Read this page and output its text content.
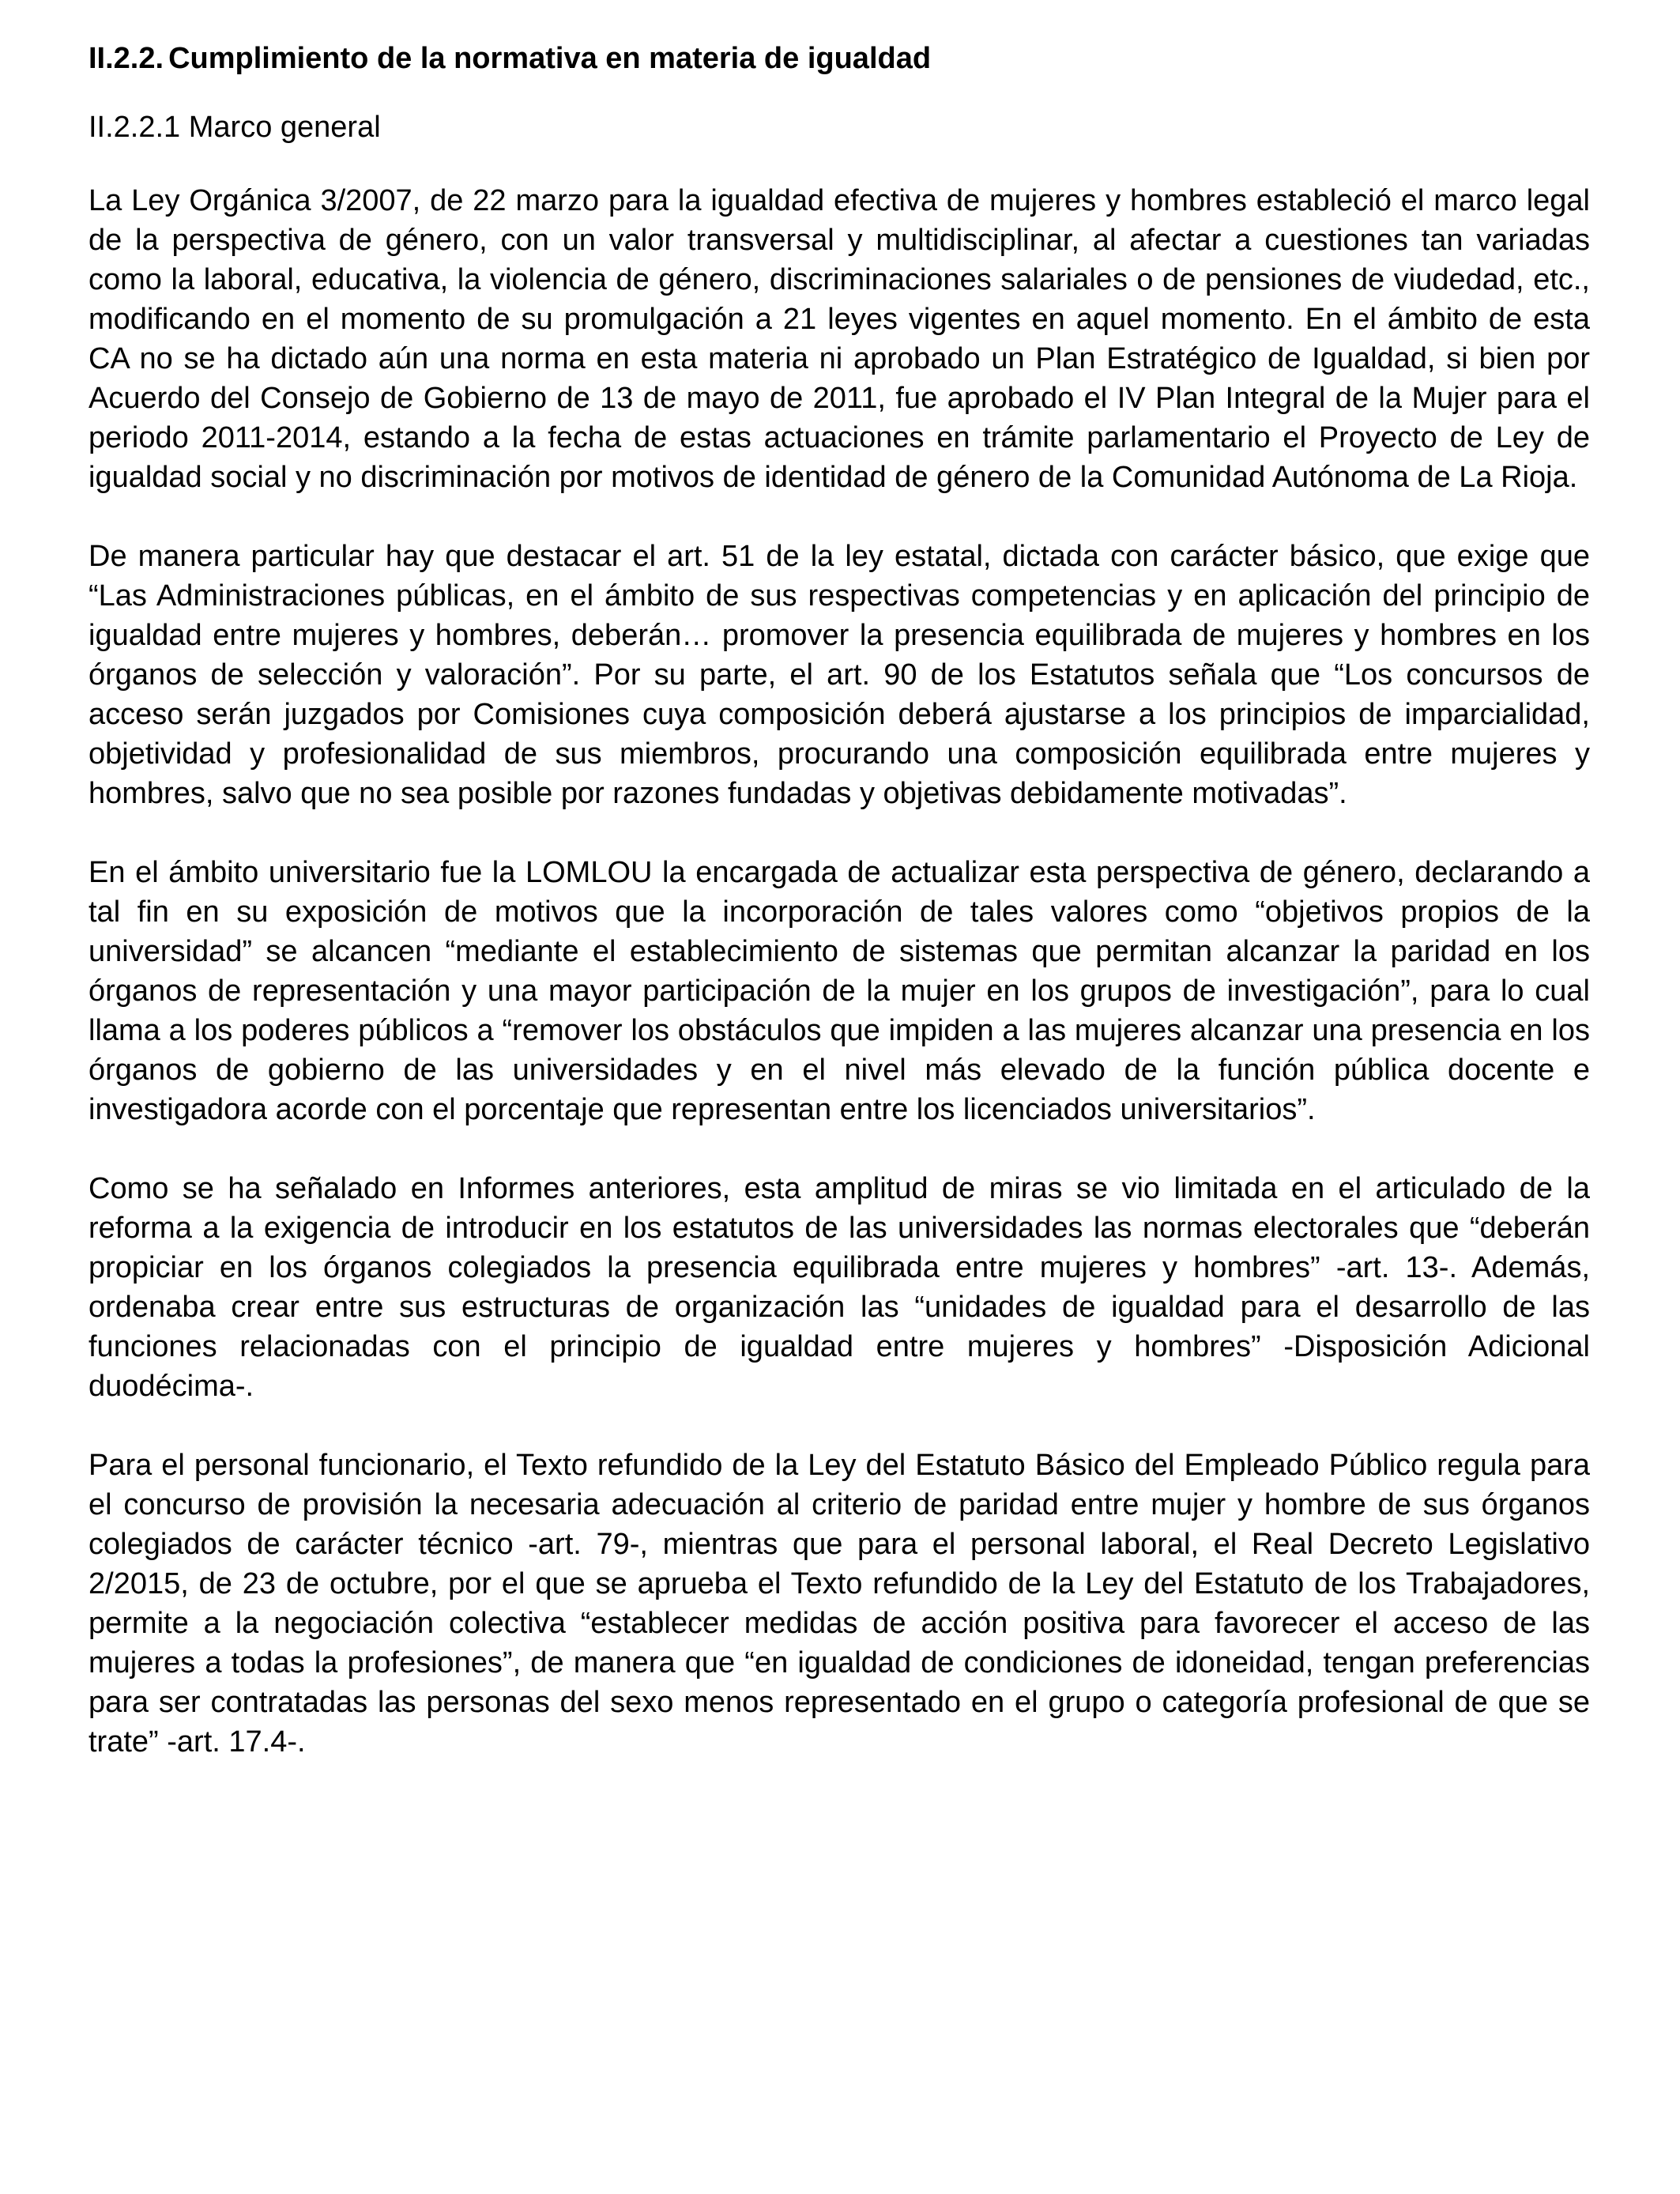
II.2.2. Cumplimiento de la normativa en materia de igualdad
II.2.2.1 Marco general

La Ley Orgánica 3/2007, de 22 marzo para la igualdad efectiva de mujeres y hombres estableció el marco legal de la perspectiva de género, con un valor transversal y multidisciplinar, al afectar a cuestiones tan variadas como la laboral, educativa, la violencia de género, discriminaciones salariales o de pensiones de viudedad, etc., modificando en el momento de su promulgación a 21 leyes vigentes en aquel momento. En el ámbito de esta CA no se ha dictado aún una norma en esta materia ni aprobado un Plan Estratégico de Igualdad, si bien por Acuerdo del Consejo de Gobierno de 13 de mayo de 2011, fue aprobado el IV Plan Integral de la Mujer para el periodo 2011-2014, estando a la fecha de estas actuaciones en trámite parlamentario el Proyecto de Ley de igualdad social y no discriminación por motivos de identidad de género de la Comunidad Autónoma de La Rioja.

De manera particular hay que destacar el art. 51 de la ley estatal, dictada con carácter básico, que exige que “Las Administraciones públicas, en el ámbito de sus respectivas competencias y en aplicación del principio de igualdad entre mujeres y hombres, deberán… promover la presencia equilibrada de mujeres y hombres en los órganos de selección y valoración”. Por su parte, el art. 90 de los Estatutos señala que “Los concursos de acceso serán juzgados por Comisiones cuya composición deberá ajustarse a los principios de imparcialidad, objetividad y profesionalidad de sus miembros, procurando una composición equilibrada entre mujeres y hombres, salvo que no sea posible por razones fundadas y objetivas debidamente motivadas”.

En el ámbito universitario fue la LOMLOU la encargada de actualizar esta perspectiva de género, declarando a tal fin en su exposición de motivos que la incorporación de tales valores como “objetivos propios de la universidad” se alcancen “mediante el establecimiento de sistemas que permitan alcanzar la paridad en los órganos de representación y una mayor participación de la mujer en los grupos de investigación”, para lo cual llama a los poderes públicos a “remover los obstáculos que impiden a las mujeres alcanzar una presencia en los órganos de gobierno de las universidades y en el nivel más elevado de la función pública docente e investigadora acorde con el porcentaje que representan entre los licenciados universitarios”.

Como se ha señalado en Informes anteriores, esta amplitud de miras se vio limitada en el articulado de la reforma a la exigencia de introducir en los estatutos de las universidades las normas electorales que “deberán propiciar en los órganos colegiados la presencia equilibrada entre mujeres y hombres” -art. 13-. Además, ordenaba crear entre sus estructuras de organización las “unidades de igualdad para el desarrollo de las funciones relacionadas con el principio de igualdad entre mujeres y hombres” -Disposición Adicional duodécima-.

Para el personal funcionario, el Texto refundido de la Ley del Estatuto Básico del Empleado Público regula para el concurso de provisión la necesaria adecuación al criterio de paridad entre mujer y hombre de sus órganos colegiados de carácter técnico -art. 79-, mientras que para el personal laboral, el Real Decreto Legislativo 2/2015, de 23 de octubre, por el que se aprueba el Texto refundido de la Ley del Estatuto de los Trabajadores, permite a la negociación colectiva “establecer medidas de acción positiva para favorecer el acceso de las mujeres a todas la profesiones”, de manera que “en igualdad de condiciones de idoneidad, tengan preferencias para ser contratadas las personas del sexo menos representado en el grupo o categoría profesional de que se trate” -art. 17.4-.
